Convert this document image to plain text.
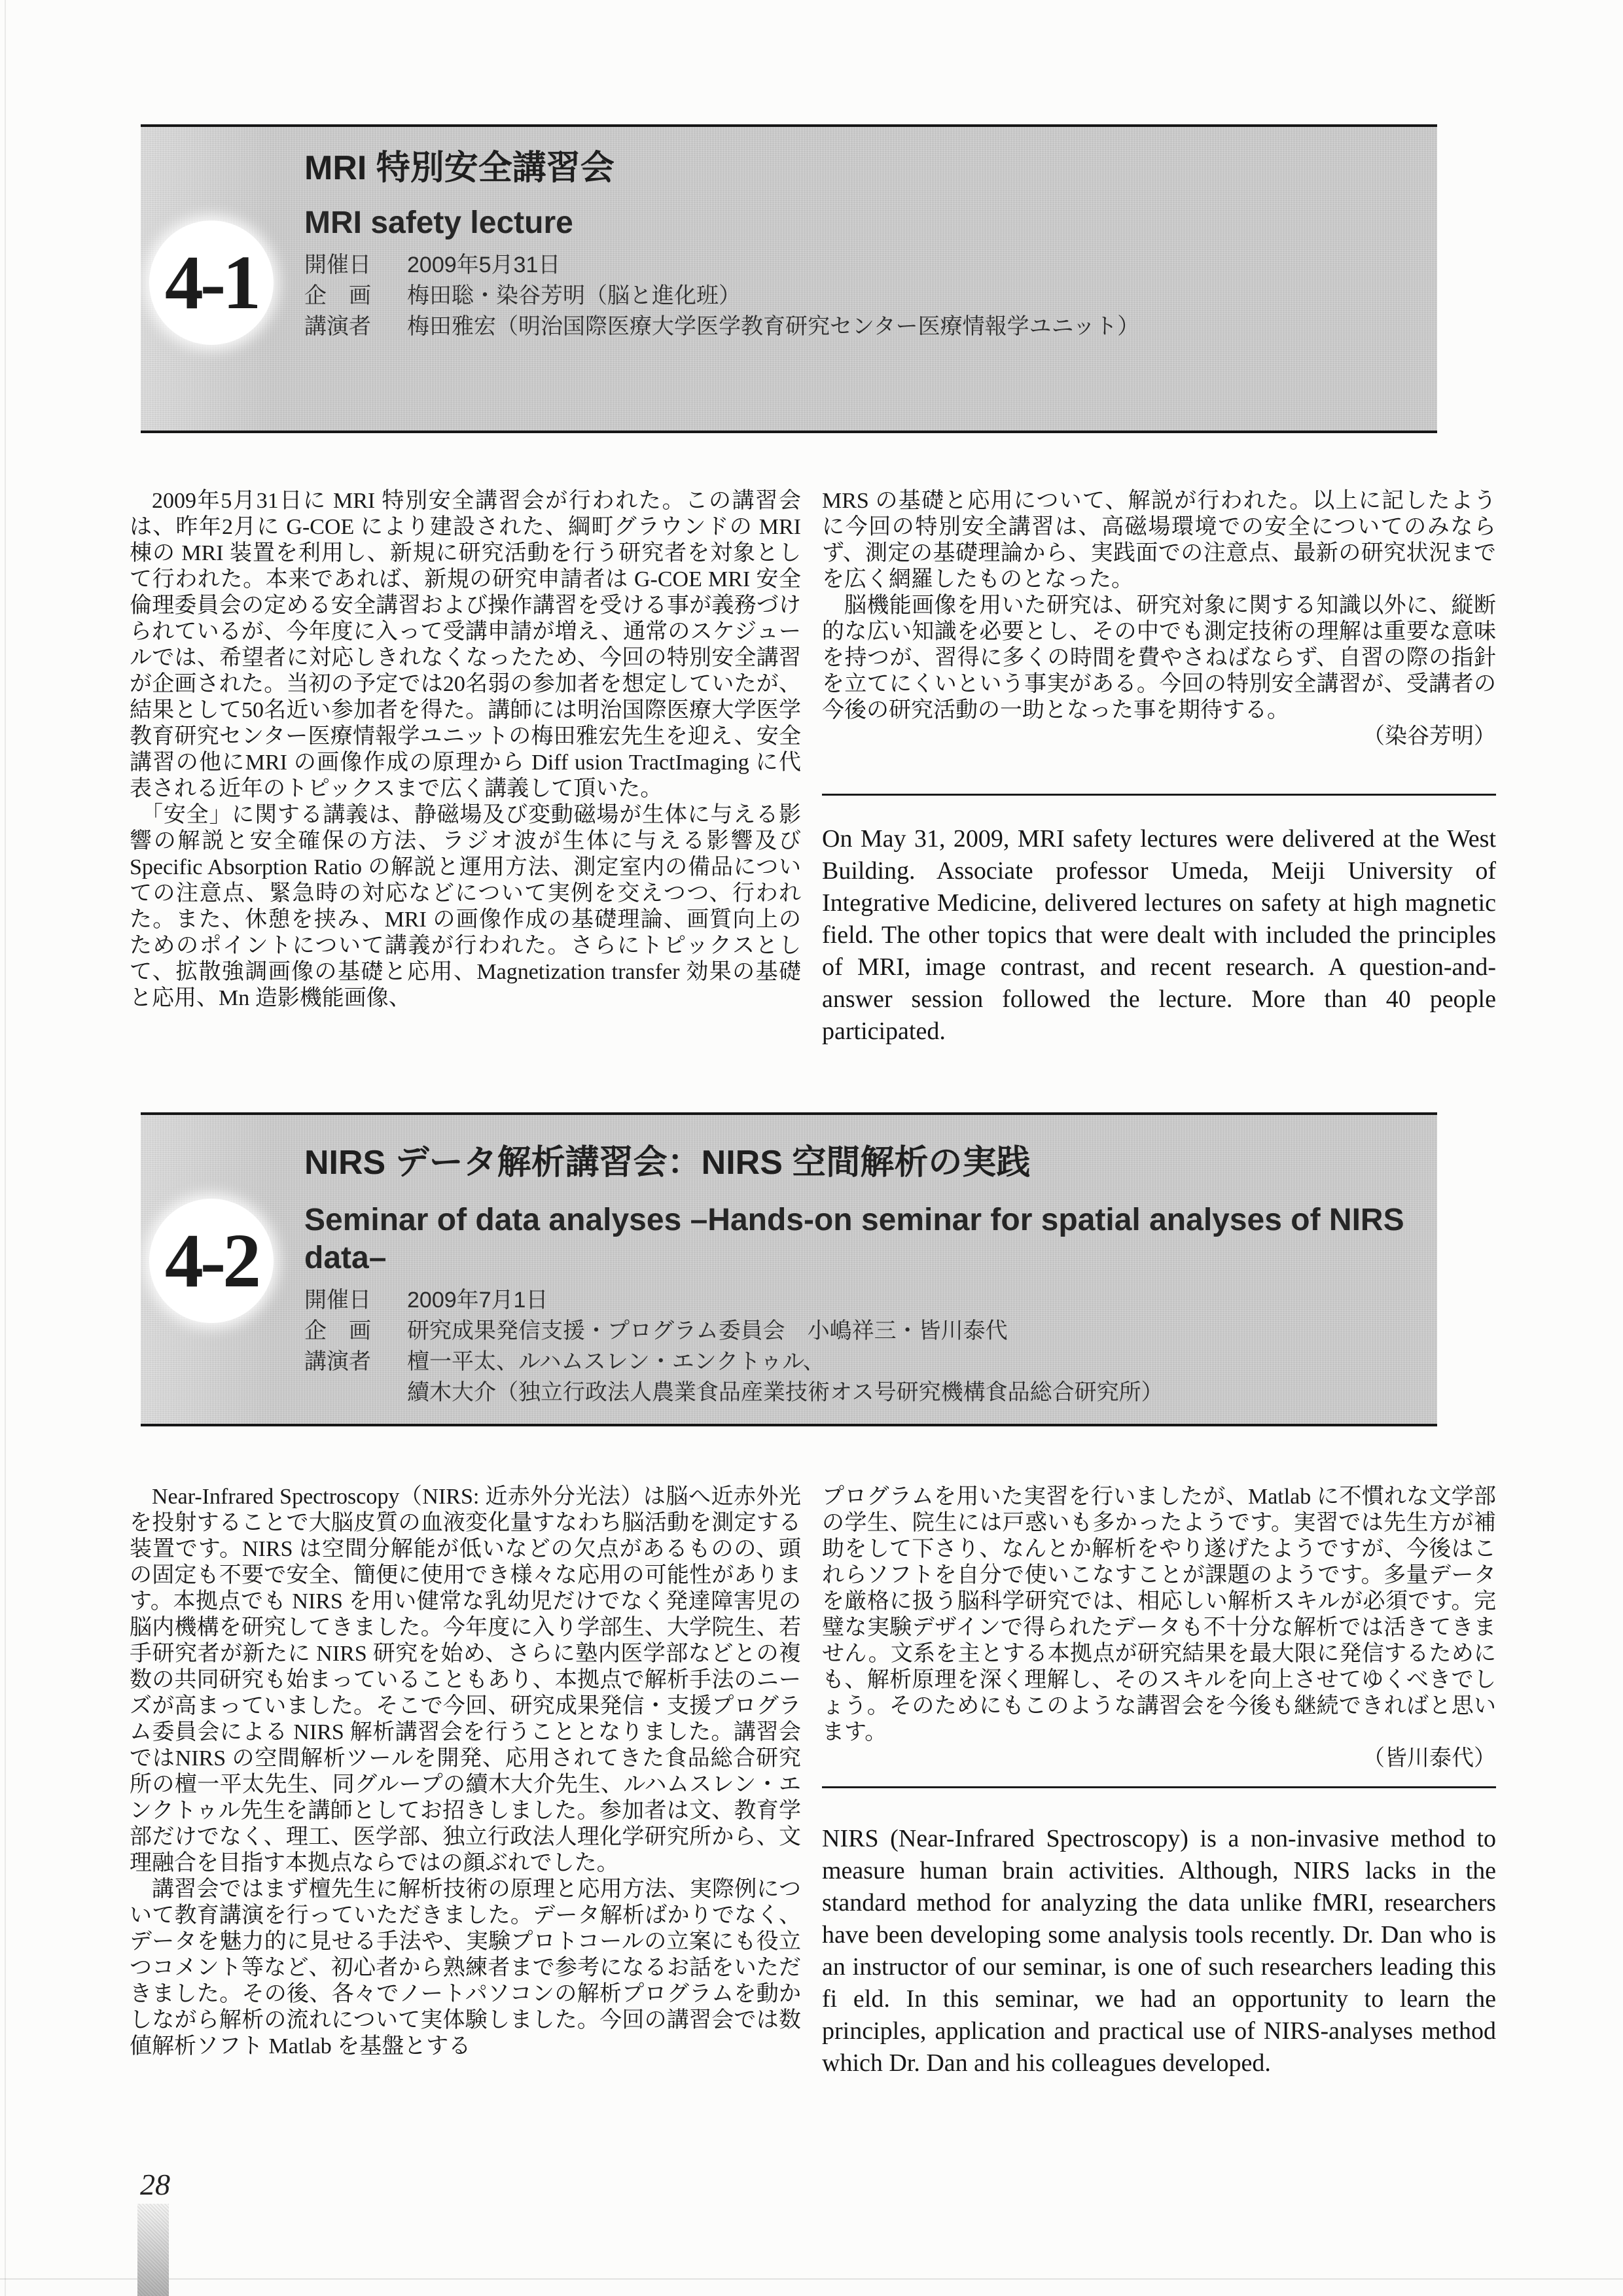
4-1
MRI 特別安全講習会
MRI safety lecture
開催日	2009年5月31日
企　画	梅田聡・染谷芳明（脳と進化班）
講演者	梅田雅宏（明治国際医療大学医学教育研究センター医療情報学ユニット）

2009年5月31日に MRI 特別安全講習会が行われた。この講習会は、昨年2月に G-COE により建設された、綱町グラウンドの MRI 棟の MRI 装置を利用し、新規に研究活動を行う研究者を対象として行われた。本来であれば、新規の研究申請者は G-COE MRI 安全倫理委員会の定める安全講習および操作講習を受ける事が義務づけられているが、今年度に入って受講申請が増え、通常のスケジュールでは、希望者に対応しきれなくなったため、今回の特別安全講習が企画された。当初の予定では20名弱の参加者を想定していたが、結果として50名近い参加者を得た。講師には明治国際医療大学医学教育研究センター医療情報学ユニットの梅田雅宏先生を迎え、安全講習の他にMRI の画像作成の原理から Diff usion TractImaging に代表される近年のトピックスまで広く講義して頂いた。

「安全」に関する講義は、静磁場及び変動磁場が生体に与える影響の解説と安全確保の方法、ラジオ波が生体に与える影響及び Specific Absorption Ratio の解説と運用方法、測定室内の備品についての注意点、緊急時の対応などについて実例を交えつつ、行われた。また、休憩を挟み、MRI の画像作成の基礎理論、画質向上のためのポイントについて講義が行われた。さらにトピックスとして、拡散強調画像の基礎と応用、Magnetization transfer 効果の基礎と応用、Mn 造影機能画像、

MRS の基礎と応用について、解説が行われた。以上に記したように今回の特別安全講習は、高磁場環境での安全についてのみならず、測定の基礎理論から、実践面での注意点、最新の研究状況までを広く網羅したものとなった。

脳機能画像を用いた研究は、研究対象に関する知識以外に、縦断的な広い知識を必要とし、その中でも測定技術の理解は重要な意味を持つが、習得に多くの時間を費やさねばならず、自習の際の指針を立てにくいという事実がある。今回の特別安全講習が、受講者の今後の研究活動の一助となった事を期待する。

（染谷芳明）

On May 31, 2009, MRI safety lectures were delivered at the West Building. Associate professor Umeda, Meiji University of Integrative Medicine, delivered lectures on safety at high magnetic field. The other topics that were dealt with included the principles of MRI, image contrast, and recent research. A question-and-answer session followed the lecture. More than 40 people participated.

4-2
NIRS データ解析講習会：NIRS 空間解析の実践
Seminar of data analyses –Hands-on seminar for spatial analyses of NIRS data–
開催日	2009年7月1日
企　画	研究成果発信支援・プログラム委員会　小嶋祥三・皆川泰代
講演者	檀一平太、ルハムスレン・エンクトゥル、
續木大介（独立行政法人農業食品産業技術オス号研究機構食品総合研究所）

Near-Infrared Spectroscopy（NIRS: 近赤外分光法）は脳へ近赤外光を投射することで大脳皮質の血液変化量すなわち脳活動を測定する装置です。NIRS は空間分解能が低いなどの欠点があるものの、頭の固定も不要で安全、簡便に使用でき様々な応用の可能性があります。本拠点でも NIRS を用い健常な乳幼児だけでなく発達障害児の脳内機構を研究してきました。今年度に入り学部生、大学院生、若手研究者が新たに NIRS 研究を始め、さらに塾内医学部などとの複数の共同研究も始まっていることもあり、本拠点で解析手法のニーズが高まっていました。そこで今回、研究成果発信・支援プログラム委員会による NIRS 解析講習会を行うこととなりました。講習会ではNIRS の空間解析ツールを開発、応用されてきた食品総合研究所の檀一平太先生、同グループの續木大介先生、ルハムスレン・エンクトゥル先生を講師としてお招きしました。参加者は文、教育学部だけでなく、理工、医学部、独立行政法人理化学研究所から、文理融合を目指す本拠点ならではの顔ぶれでした。

講習会ではまず檀先生に解析技術の原理と応用方法、実際例について教育講演を行っていただきました。データ解析ばかりでなく、データを魅力的に見せる手法や、実験プロトコールの立案にも役立つコメント等など、初心者から熟練者まで参考になるお話をいただきました。その後、各々でノートパソコンの解析プログラムを動かしながら解析の流れについて実体験しました。今回の講習会では数値解析ソフト Matlab を基盤とする

プログラムを用いた実習を行いましたが、Matlab に不慣れな文学部の学生、院生には戸惑いも多かったようです。実習では先生方が補助をして下さり、なんとか解析をやり遂げたようですが、今後はこれらソフトを自分で使いこなすことが課題のようです。多量データを厳格に扱う脳科学研究では、相応しい解析スキルが必須です。完璧な実験デザインで得られたデータも不十分な解析では活きてきません。文系を主とする本拠点が研究結果を最大限に発信するためにも、解析原理を深く理解し、そのスキルを向上させてゆくべきでしょう。そのためにもこのような講習会を今後も継続できればと思います。

（皆川泰代）

NIRS (Near-Infrared Spectroscopy) is a non-invasive method to measure human brain activities. Although, NIRS lacks in the standard method for analyzing the data unlike fMRI, researchers have been developing some analysis tools recently. Dr. Dan who is an instructor of our seminar, is one of such researchers leading this fi eld. In this seminar, we had an opportunity to learn the principles, application and practical use of NIRS-analyses method which Dr. Dan and his colleagues developed.

28
